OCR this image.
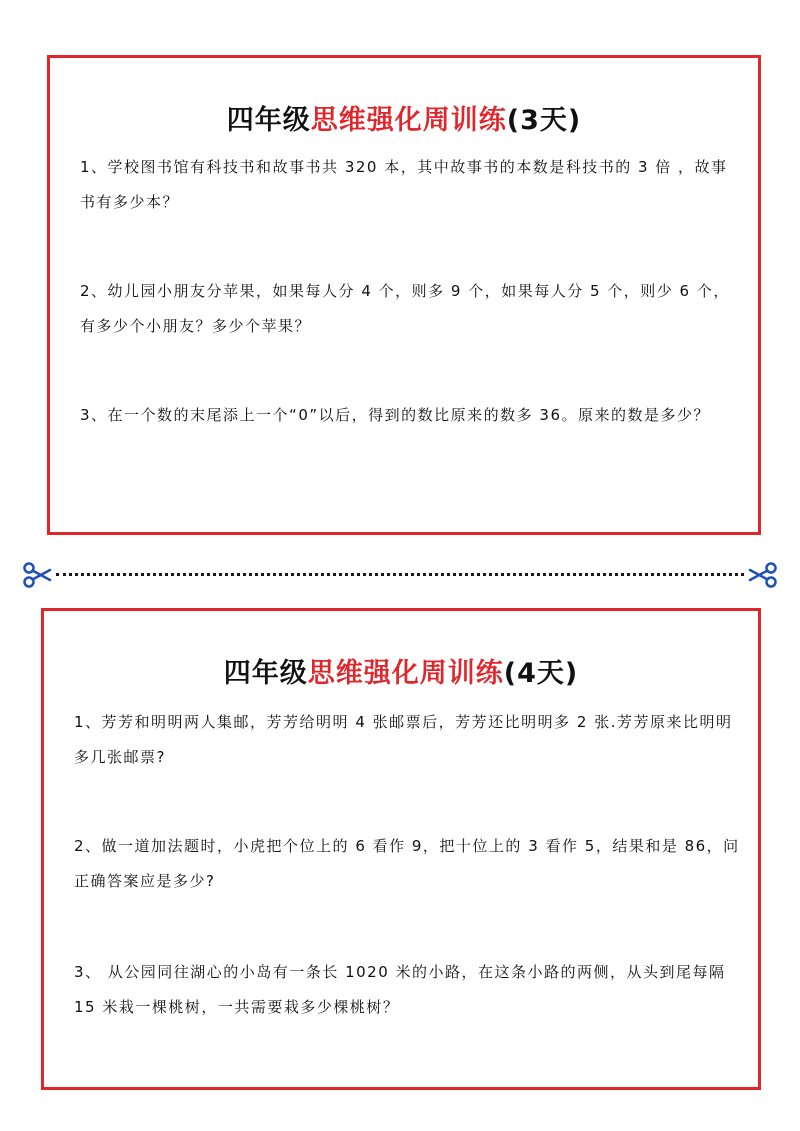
四年级思维强化周训练(3天)
1、学校图书馆有科技书和故事书共 320 本，其中故事书的本数是科技书的 3 倍 ，故事书有多少本？
2、幼儿园小朋友分苹果，如果每人分 4 个，则多 9 个，如果每人分 5 个，则少 6 个，有多少个小朋友？多少个苹果？
3、在一个数的末尾添上一个“0”以后，得到的数比原来的数多 36。原来的数是多少？
四年级思维强化周训练(4天)
1、芳芳和明明两人集邮，芳芳给明明 4 张邮票后，芳芳还比明明多 2 张.芳芳原来比明明多几张邮票?
2、做一道加法题时，小虎把个位上的 6 看作 9，把十位上的 3 看作 5，结果和是 86，问正确答案应是多少?
3、 从公园同往湖心的小岛有一条长 1020 米的小路，在这条小路的两侧，从头到尾每隔 15 米栽一棵桃树，一共需要栽多少棵桃树？
